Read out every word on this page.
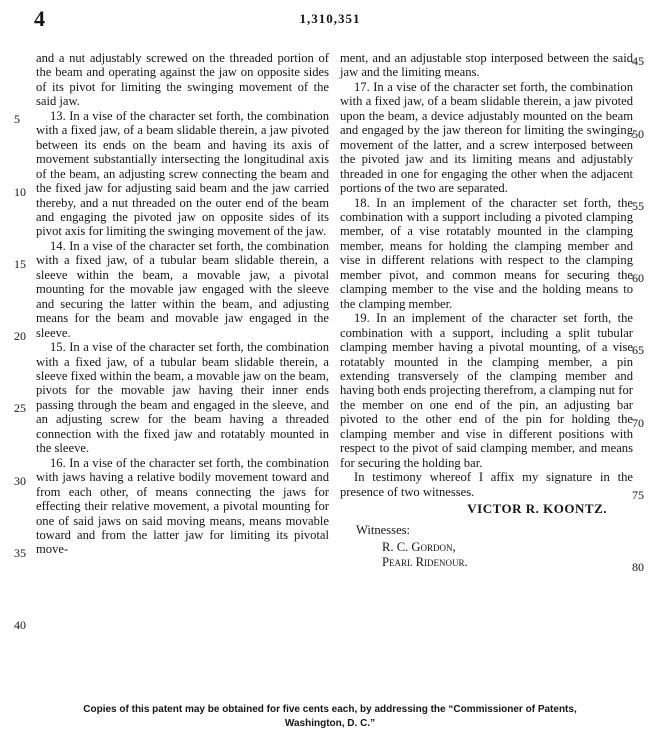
4	1,310,351
5
10
15
20
25
30
35
40
45
50
55
60
65
70
75
80

and a nut adjustably screwed on the threaded portion of the beam and operating against the jaw on opposite sides of its pivot for limiting the swinging movement of the said jaw.

13. In a vise of the character set forth, the combination with a fixed jaw, of a beam slidable therein, a jaw pivoted between its ends on the beam and having its axis of movement substantially intersecting the longitudinal axis of the beam, an adjusting screw connecting the beam and the fixed jaw for adjusting said beam and the jaw carried thereby, and a nut threaded on the outer end of the beam and engaging the pivoted jaw on opposite sides of its pivot axis for limiting the swinging movement of the jaw.

14. In a vise of the character set forth, the combination with a fixed jaw, of a tubular beam slidable therein, a sleeve within the beam, a movable jaw, a pivotal mounting for the movable jaw engaged with the sleeve and securing the latter within the beam, and adjusting means for the beam and movable jaw engaged in the sleeve.

15. In a vise of the character set forth, the combination with a fixed jaw, of a tubular beam slidable therein, a sleeve fixed within the beam, a movable jaw on the beam, pivots for the movable jaw having their inner ends passing through the beam and engaged in the sleeve, and an adjusting screw for the beam having a threaded connection with the fixed jaw and rotatably mounted in the sleeve.

16. In a vise of the character set forth, the combination with jaws having a relative bodily movement toward and from each other, of means connecting the jaws for effecting their relative movement, a pivotal mounting for one of said jaws on said moving means, means movable toward and from the latter jaw for limiting its pivotal move-

ment, and an adjustable stop interposed between the said jaw and the limiting means.

17. In a vise of the character set forth, the combination with a fixed jaw, of a beam slidable therein, a jaw pivoted upon the beam, a device adjustably mounted on the beam and engaged by the jaw thereon for limiting the swinging movement of the latter, and a screw interposed between the pivoted jaw and its limiting means and adjustably threaded in one for engaging the other when the adjacent portions of the two are separated.

18. In an implement of the character set forth, the combination with a support including a pivoted clamping member, of a vise rotatably mounted in the clamping member, means for holding the clamping member and vise in different relations with respect to the clamping member pivot, and common means for securing the clamping member to the vise and the holding means to the clamping member.

19. In an implement of the character set forth, the combination with a support, including a split tubular clamping member having a pivotal mounting, of a vise rotatably mounted in the clamping member, a pin extending transversely of the clamping member and having both ends projecting therefrom, a clamping nut for the member on one end of the pin, an adjusting bar pivoted to the other end of the pin for holding the clamping member and vise in different positions with respect to the pivot of said clamping member, and means for securing the holding bar.

In testimony whereof I affix my signature in the presence of two witnesses.

VICTOR R. KOONTZ.
Witnesses:
R. C. Gordon,
Pearl Ridenour.
Copies of this patent may be obtained for five cents each, by addressing the “Commissioner of Patents,
Washington, D. C.”
